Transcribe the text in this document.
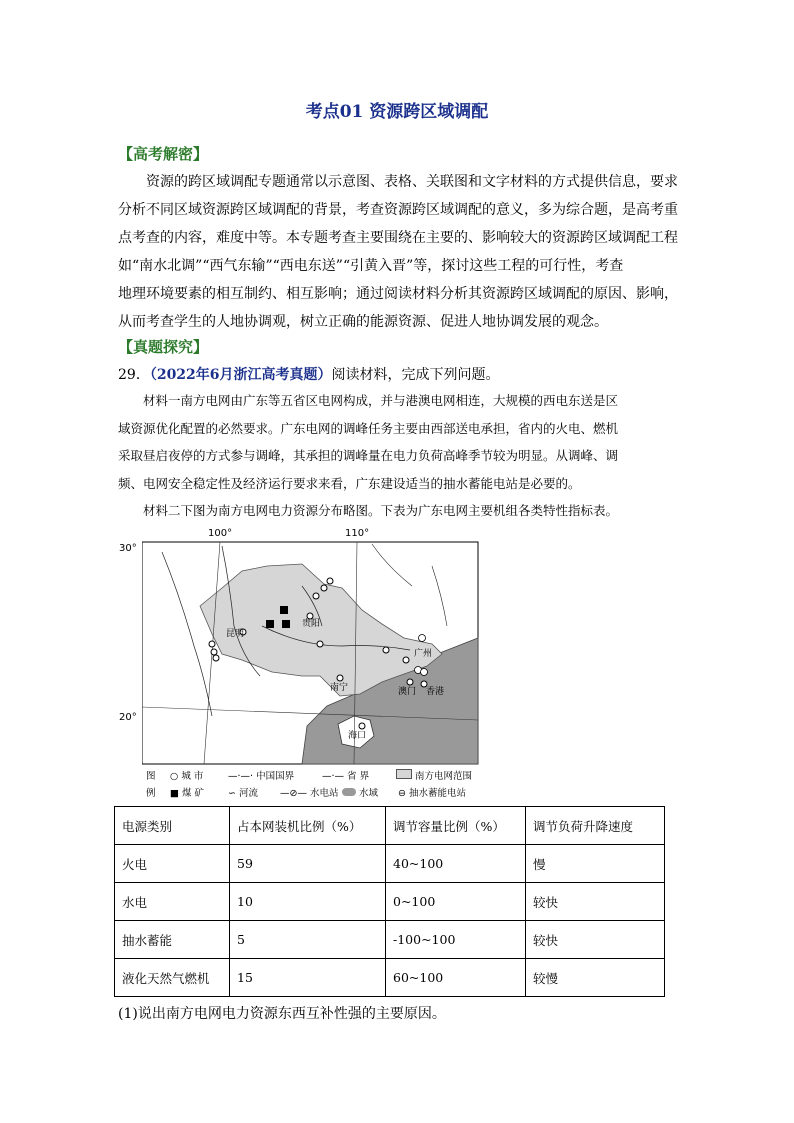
考点01 资源跨区域调配
【高考解密】

资源的跨区域调配专题通常以示意图、表格、关联图和文字材料的方式提供信息，要求

分析不同区域资源跨区域调配的背景，考查资源跨区域调配的意义，多为综合题，是高考重

点考查的内容，难度中等。本专题考查主要围绕在主要的、影响较大的资源跨区域调配工程

如“南水北调”“西气东输”“西电东送”“引黄入晋”等，探讨这些工程的可行性，考查

地理环境要素的相互制约、相互影响；通过阅读材料分析其资源跨区域调配的原因、影响，

从而考查学生的人地协调观，树立正确的能源资源、促进人地协调发展的观念。

【真题探究】
29．（2022年6月浙江高考真题）阅读材料，完成下列问题。

材料一南方电网由广东等五省区电网构成，并与港澳电网相连，大规模的西电东送是区

域资源优化配置的必然要求。广东电网的调峰任务主要由西部送电承担，省内的火电、燃机

采取昼启夜停的方式参与调峰，其承担的调峰量在电力负荷高峰季节较为明显。从调峰、调

频、电网安全稳定性及经济运行要求来看，广东建设适当的抽水蓄能电站是必要的。

材料二下图为南方电网电力资源分布略图。下表为广东电网主要机组各类特性指标表。

昆明
贵阳
南宁
广州
澳门 香港
海口
100°	110°
30°
20°
图
例
○ 城 市	—·—· 中国国界	—·— 省 界	南方电网范围
■ 煤 矿	∽ 河流 —⊘— 水电站	水域 ⊖ 抽水蓄能电站
电源类别	占本网装机比例（%）	调节容量比例（%）	调节负荷升降速度
火电	59	40~100	慢
水电	10	0~100	较快
抽水蓄能	5	-100~100	较快
液化天然气燃机	15	60~100	较慢
(1)说出南方电网电力资源东西互补性强的主要原因。
